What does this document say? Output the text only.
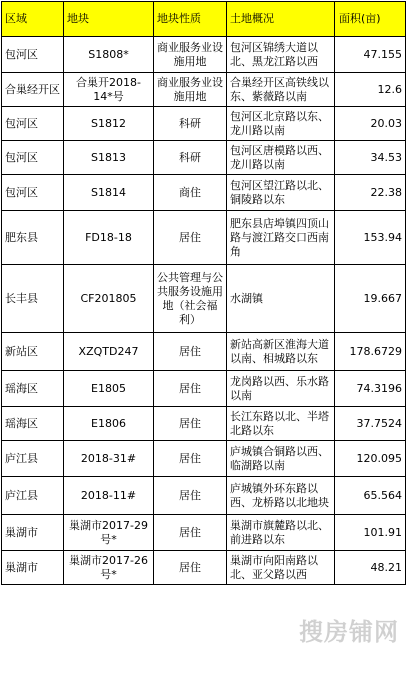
区域	地块	地块性质	土地概况	面积(亩)
包河区	S1808*	商业服务业设施用地	包河区锦绣大道以北、黑龙江路以西	47.155
合巢经开区	合巢开2018-14*号	商业服务业设施用地	合巢经开区高铁线以东、紫薇路以南	12.6
包河区	S1812	科研	包河区北京路以东、龙川路以南	20.03
包河区	S1813	科研	包河区唐模路以西、龙川路以南	34.53
包河区	S1814	商住	包河区望江路以北、铜陵路以东	22.38
肥东县	FD18-18	居住	肥东县店埠镇四顶山路与渡江路交口西南角	153.94
长丰县	CF201805	公共管理与公共服务设施用地（社会福利）	水湖镇	19.667
新站区	XZQTD247	居住	新站高新区淮海大道以南、相城路以东	178.6729
瑶海区	E1805	居住	龙岗路以西、乐水路以南	74.3196
瑶海区	E1806	居住	长江东路以北、半塔北路以东	37.7524
庐江县	2018-31#	居住	庐城镇合铜路以西、临湖路以南	120.095
庐江县	2018-11#	居住	庐城镇外环东路以西、龙桥路以北地块	65.564
巢湖市	巢湖市2017-29号*	居住	巢湖市旗麓路以北、前进路以东	101.91
巢湖市	巢湖市2017-26号*	居住	巢湖市向阳南路以北、亚父路以西	48.21
搜房铺网
